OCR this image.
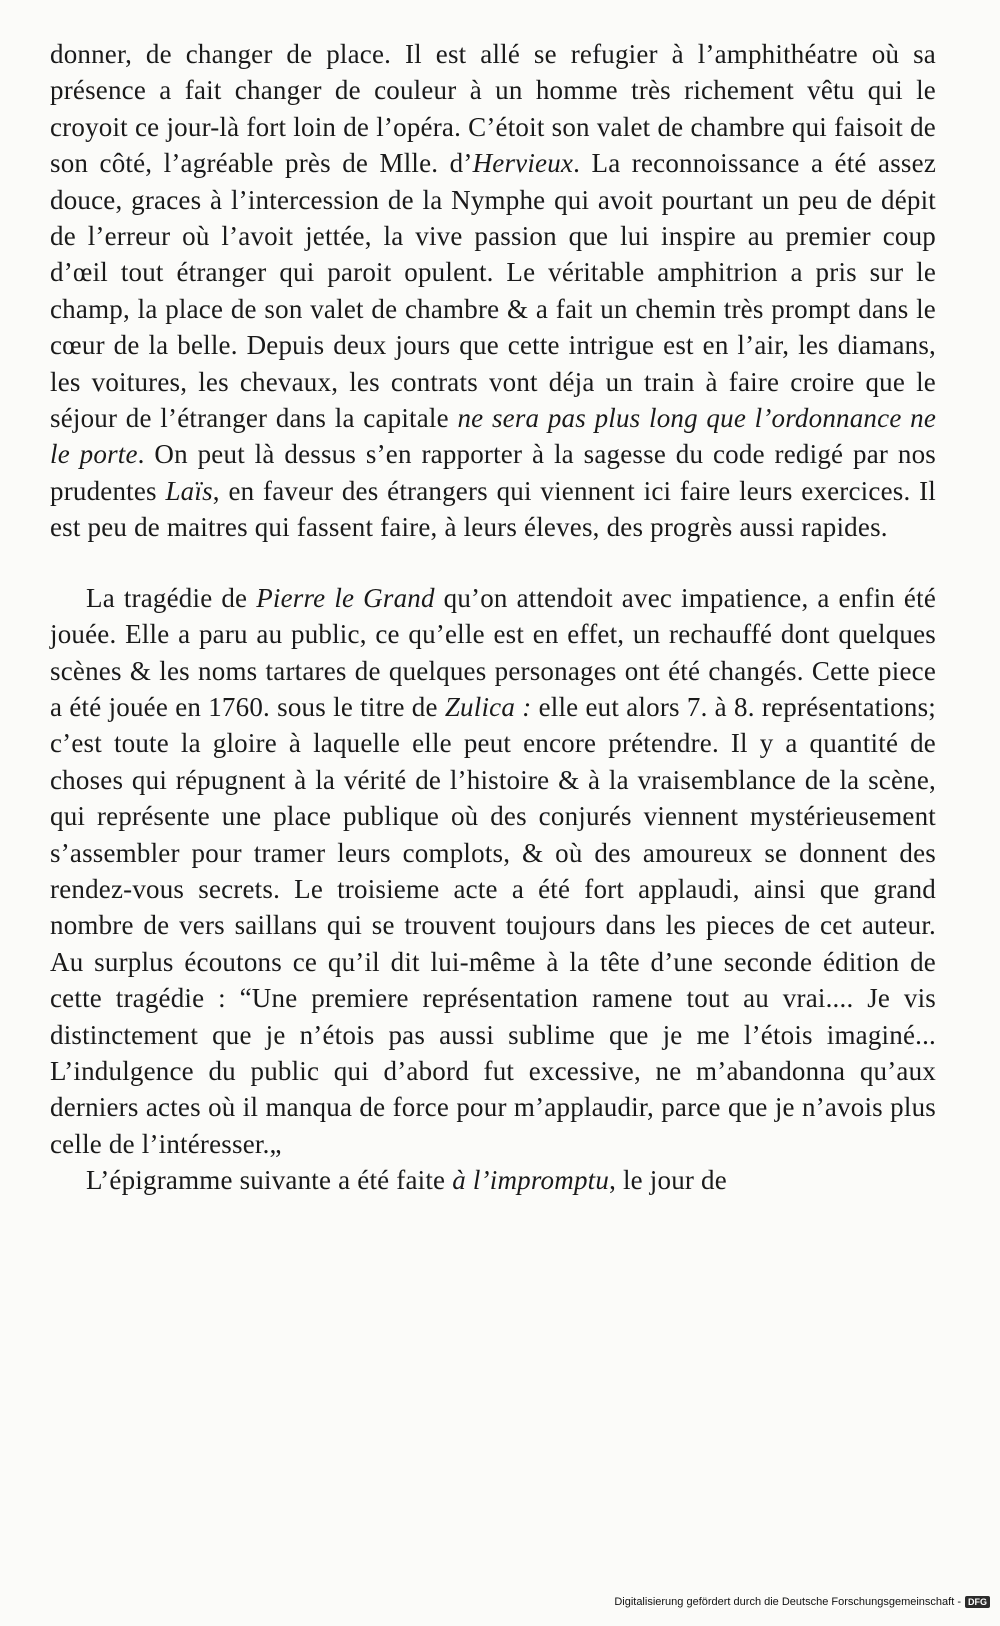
donner, de changer de place. Il est allé se refugier à l’amphithéatre où sa présence a fait changer de couleur à un homme très richement vêtu qui le croyoit ce jour-là fort loin de l’opéra. C’étoit son valet de chambre qui faisoit de son côté, l’agréable près de Mlle. d’Hervieux. La reconnoissance a été assez douce, graces à l’intercession de la Nymphe qui avoit pourtant un peu de dépit de l’erreur où l’avoit jettée, la vive passion que lui inspire au premier coup d’œil tout étranger qui paroit opulent. Le véritable amphitrion a pris sur le champ, la place de son valet de chambre & a fait un chemin très prompt dans le cœur de la belle. Depuis deux jours que cette intrigue est en l’air, les diamans, les voitures, les chevaux, les contrats vont déja un train à faire croire que le séjour de l’étranger dans la capitale ne sera pas plus long que l’ordonnance ne le porte. On peut là dessus s’en rapporter à la sagesse du code redigé par nos prudentes Laïs, en faveur des étrangers qui viennent ici faire leurs exercices. Il est peu de maitres qui fassent faire, à leurs éleves, des progrès aussi rapides.

La tragédie de Pierre le Grand qu’on attendoit avec impatience, a enfin été jouée. Elle a paru au public, ce qu’elle est en effet, un rechauffé dont quelques scènes & les noms tartares de quelques personages ont été changés. Cette piece a été jouée en 1760. sous le titre de Zulica : elle eut alors 7. à 8. représentations; c’est toute la gloire à laquelle elle peut encore prétendre. Il y a quantité de choses qui répugnent à la vérité de l’histoire & à la vraisemblance de la scène, qui représente une place publique où des conjurés viennent mystérieusement s’assembler pour tramer leurs complots, & où des amoureux se donnent des rendez-vous secrets. Le troisieme acte a été fort applaudi, ainsi que grand nombre de vers saillans qui se trouvent toujours dans les pieces de cet auteur. Au surplus écoutons ce qu’il dit lui-même à la tête d’une seconde édition de cette tragédie : “Une premiere représentation ramene tout au vrai.... Je vis distinctement que je n’étois pas aussi sublime que je me l’étois imaginé... L’indulgence du public qui d’abord fut excessive, ne m’abandonna qu’aux derniers actes où il manqua de force pour m’applaudir, parce que je n’avois plus celle de l’intéresser.„

L’épigramme suivante a été faite à l’impromptu, le jour de

Digitalisierung gefördert durch die Deutsche Forschungsgemeinschaft - DFG
